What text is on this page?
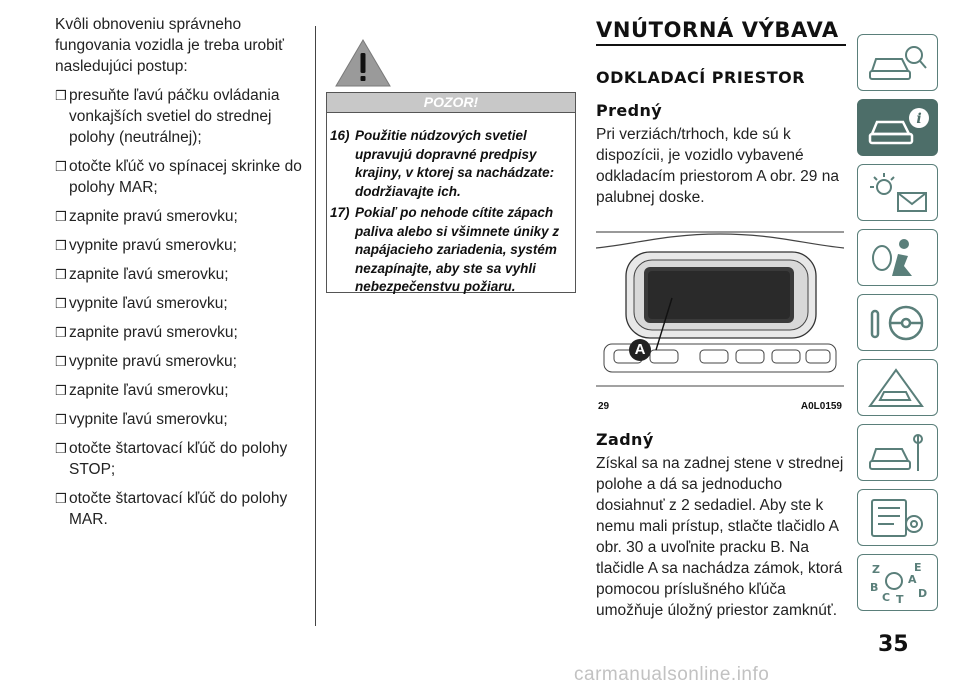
Kvôli obnoveniu správneho fungovania vozidla je treba urobiť nasledujúci postup:

❒ presuňte ľavú páčku ovládania vonkajších svetiel do strednej polohy (neutrálnej);
❒ otočte kľúč vo spínacej skrinke do polohy MAR;
❒ zapnite pravú smerovku;
❒ vypnite pravú smerovku;
❒ zapnite ľavú smerovku;
❒ vypnite ľavú smerovku;
❒ zapnite pravú smerovku;
❒ vypnite pravú smerovku;
❒ zapnite ľavú smerovku;
❒ vypnite ľavú smerovku;
❒ otočte štartovací kľúč do polohy STOP;
❒ otočte štartovací kľúč do polohy MAR.
POZOR!
16) Použitie núdzových svetiel upravujú dopravné predpisy krajiny, v ktorej sa nachádzate: dodržiavajte ich.
17) Pokiaľ po nehode cítite zápach paliva alebo si všimnete úniky z napájacieho zariadenia, systém nezapínajte, aby ste sa vyhli nebezpečenstvu požiaru.
VNÚTORNÁ VÝBAVA
ODKLADACÍ PRIESTOR
Predný

Pri verziách/trhoch, kde sú k dispozícii, je vozidlo vybavené odkladacím priestorom A obr. 29 na palubnej doske.

A
29	A0L0159
Zadný

Získal sa na zadnej stene v strednej polohe a dá sa jednoducho dosiahnuť z 2 sedadiel. Aby ste k nemu mali prístup, stlačte tlačidlo A obr. 30 a uvoľnite pracku B. Na tlačidle A sa nachádza zámok, ktorá pomocou príslušného kľúča umožňuje úložný priestor zamknúť.

i
Z	E
B
C T D
A
35
carmanualsonline.info
